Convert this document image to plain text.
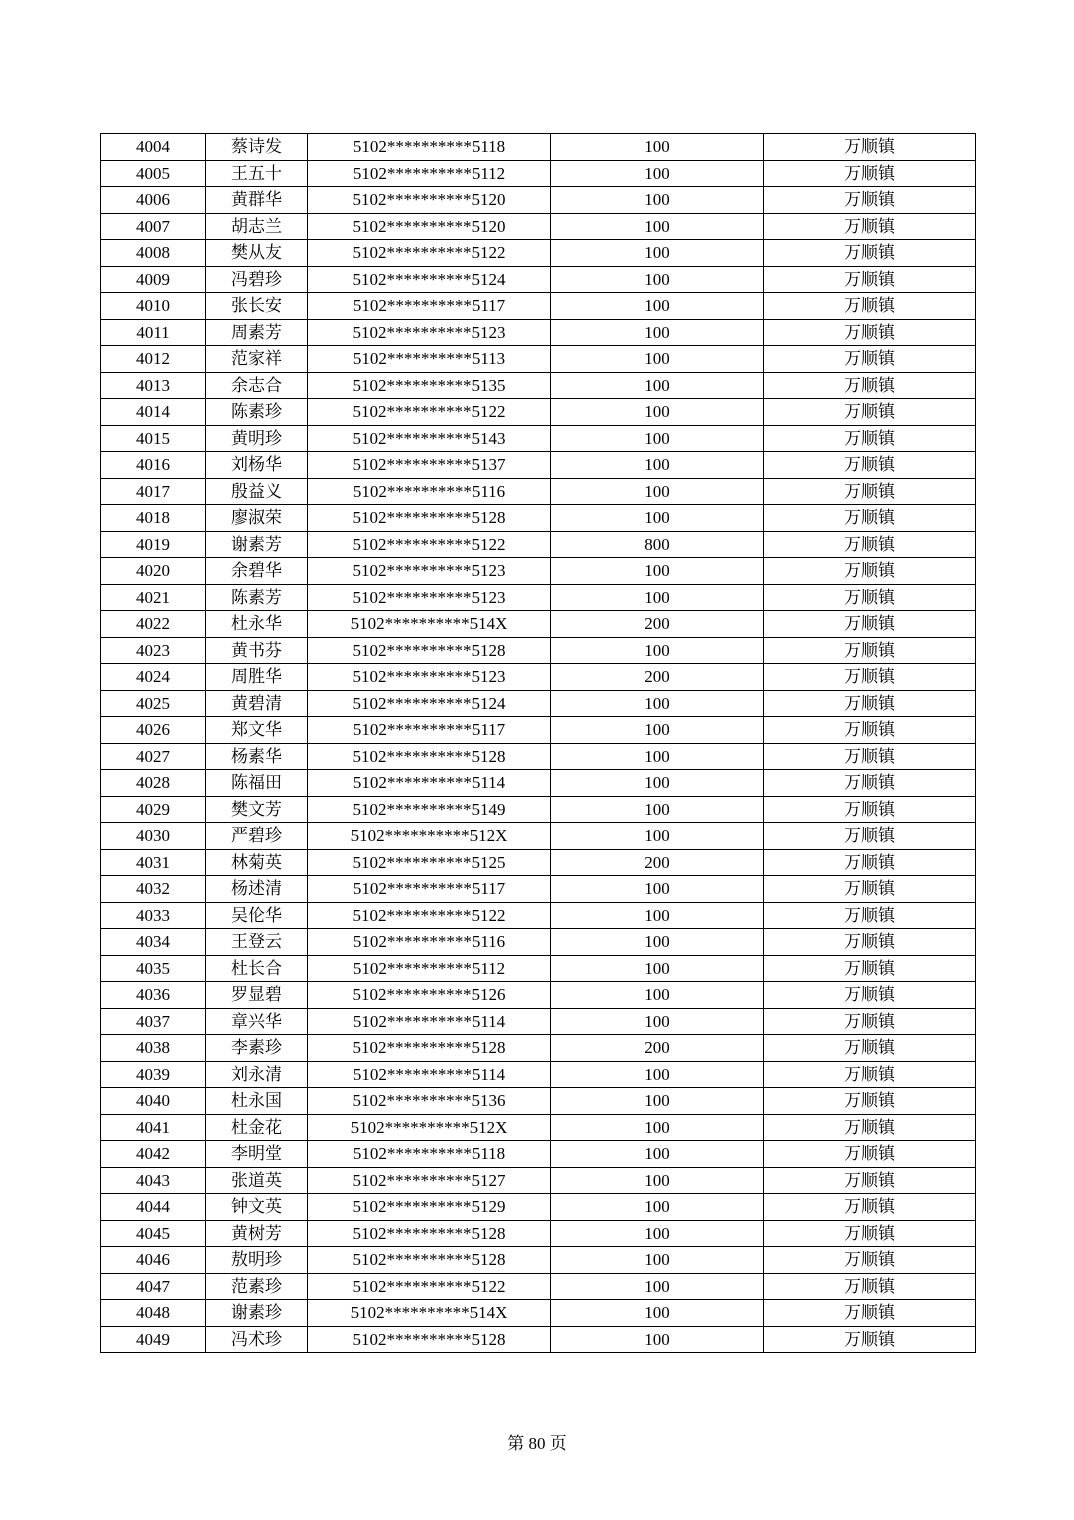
4004	蔡诗发	5102**********5118	100	万顺镇
4005	王五十	5102**********5112	100	万顺镇
4006	黄群华	5102**********5120	100	万顺镇
4007	胡志兰	5102**********5120	100	万顺镇
4008	樊从友	5102**********5122	100	万顺镇
4009	冯碧珍	5102**********5124	100	万顺镇
4010	张长安	5102**********5117	100	万顺镇
4011	周素芳	5102**********5123	100	万顺镇
4012	范家祥	5102**********5113	100	万顺镇
4013	余志合	5102**********5135	100	万顺镇
4014	陈素珍	5102**********5122	100	万顺镇
4015	黄明珍	5102**********5143	100	万顺镇
4016	刘杨华	5102**********5137	100	万顺镇
4017	殷益义	5102**********5116	100	万顺镇
4018	廖淑荣	5102**********5128	100	万顺镇
4019	谢素芳	5102**********5122	800	万顺镇
4020	余碧华	5102**********5123	100	万顺镇
4021	陈素芳	5102**********5123	100	万顺镇
4022	杜永华	5102**********514X	200	万顺镇
4023	黄书芬	5102**********5128	100	万顺镇
4024	周胜华	5102**********5123	200	万顺镇
4025	黄碧清	5102**********5124	100	万顺镇
4026	郑文华	5102**********5117	100	万顺镇
4027	杨素华	5102**********5128	100	万顺镇
4028	陈福田	5102**********5114	100	万顺镇
4029	樊文芳	5102**********5149	100	万顺镇
4030	严碧珍	5102**********512X	100	万顺镇
4031	林菊英	5102**********5125	200	万顺镇
4032	杨述清	5102**********5117	100	万顺镇
4033	吴伦华	5102**********5122	100	万顺镇
4034	王登云	5102**********5116	100	万顺镇
4035	杜长合	5102**********5112	100	万顺镇
4036	罗显碧	5102**********5126	100	万顺镇
4037	章兴华	5102**********5114	100	万顺镇
4038	李素珍	5102**********5128	200	万顺镇
4039	刘永清	5102**********5114	100	万顺镇
4040	杜永国	5102**********5136	100	万顺镇
4041	杜金花	5102**********512X	100	万顺镇
4042	李明堂	5102**********5118	100	万顺镇
4043	张道英	5102**********5127	100	万顺镇
4044	钟文英	5102**********5129	100	万顺镇
4045	黄树芳	5102**********5128	100	万顺镇
4046	敖明珍	5102**********5128	100	万顺镇
4047	范素珍	5102**********5122	100	万顺镇
4048	谢素珍	5102**********514X	100	万顺镇
4049	冯术珍	5102**********5128	100	万顺镇
第 80 页
